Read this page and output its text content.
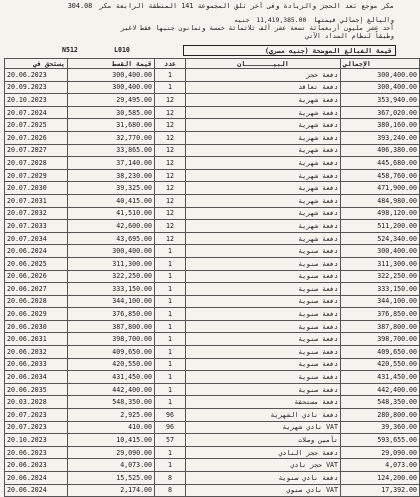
مكر موجع تعد الحجز والزيادة وفى آخر تلق المجموعة 141 المنطقة الرابعة مكر 304.08
والبالغ إجمالي قيمتها 11,419,385.00 جنيه
أحد عشر مليون أربعمائة تسعة عشر ألف ثلاثمائة خمسة وثمانون جنيها فقط لاغير
وطبقاً لنظام السداد الآتي
N512	L010	قيمة الفبالغ الموضحة (جنيه مصري)
يستحق في	قيمة القسط	عدد	البيـــــــان	الإجمالي
20.06.2023	300,400.00	1	دفعة حجز	300,400.00
20.09.2023	300,400.00	1	دفعة تعاقد	300,400.00
20.10.2023	29,495.00	12	دفعة شهرية	353,940.00
20.07.2024	30,585.00	12	دفعة شهرية	367,020.00
20.07.2025	31,680.00	12	دفعة شهرية	380,160.00
20.07.2026	32,770.00	12	دفعة شهرية	393,240.00
20.07.2027	33,865.00	12	دفعة شهرية	406,380.00
20.07.2028	37,140.00	12	دفعة شهرية	445,680.00
20.07.2029	38,230.00	12	دفعة شهرية	458,760.00
20.07.2030	39,325.00	12	دفعة شهرية	471,900.00
20.07.2031	40,415.00	12	دفعة شهرية	484,980.00
20.07.2032	41,510.00	12	دفعة شهرية	498,120.00
20.07.2033	42,600.00	12	دفعة شهرية	511,200.00
20.07.2034	43,695.00	12	دفعة شهرية	524,340.00
20.06.2024	300,400.00	1	دفعة سنوية	300,400.00
20.06.2025	311,300.00	1	دفعة سنوية	311,300.00
20.06.2026	322,250.00	1	دفعة سنوية	322,250.00
20.06.2027	333,150.00	1	دفعة سنوية	333,150.00
20.06.2028	344,100.00	1	دفعة سنوية	344,100.00
20.06.2029	376,850.00	1	دفعة سنوية	376,850.00
20.06.2030	387,800.00	1	دفعة سنوية	387,800.00
20.06.2031	398,700.00	1	دفعة سنوية	398,700.00
20.06.2032	409,650.00	1	دفعة سنوية	409,650.00
20.06.2033	420,550.00	1	دفعة سنوية	420,550.00
20.06.2034	431,450.00	1	دفعة سنوية	431,450.00
20.06.2035	442,400.00	1	دفعة سنوية	442,400.00
20.03.2028	548,350.00	1	دفعة مستحقة	548,350.00
20.07.2023	2,925.00	96	دفعة نادي الشهرية	280,800.00
20.07.2023	410.00	96	VAT نادي شهرية	39,360.00
20.10.2023	10,415.00	57	تأمين وصلات	593,655.00
20.06.2023	29,090.00	1	دفعة حجز النادي	29,090.00
20.06.2023	4,073.00	1	VAT حجز نادي	4,073.00
20.06.2024	15,525.00	8	دفعة نادي سنوية	124,200.00
20.06.2024	2,174.00	8	VAT نادي سنوي	17,392.00
